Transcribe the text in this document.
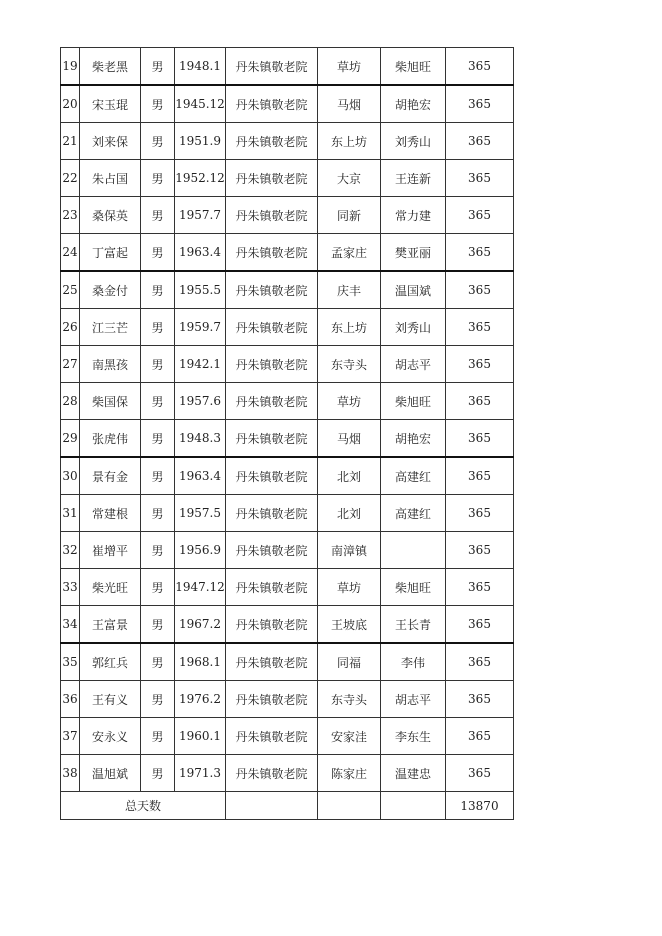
19	柴老黑	男	1948.1	丹朱镇敬老院	草坊	柴旭旺	365
20	宋玉琨	男	1945.12	丹朱镇敬老院	马烟	胡艳宏	365
21	刘来保	男	1951.9	丹朱镇敬老院	东上坊	刘秀山	365
22	朱占国	男	1952.12	丹朱镇敬老院	大京	王连新	365
23	桑保英	男	1957.7	丹朱镇敬老院	同新	常力建	365
24	丁富起	男	1963.4	丹朱镇敬老院	孟家庄	樊亚丽	365
25	桑金付	男	1955.5	丹朱镇敬老院	庆丰	温国斌	365
26	江三芒	男	1959.7	丹朱镇敬老院	东上坊	刘秀山	365
27	南黑孩	男	1942.1	丹朱镇敬老院	东寺头	胡志平	365
28	柴国保	男	1957.6	丹朱镇敬老院	草坊	柴旭旺	365
29	张虎伟	男	1948.3	丹朱镇敬老院	马烟	胡艳宏	365
30	景有金	男	1963.4	丹朱镇敬老院	北刘	高建红	365
31	常建根	男	1957.5	丹朱镇敬老院	北刘	高建红	365
32	崔增平	男	1956.9	丹朱镇敬老院	南漳镇		365
33	柴光旺	男	1947.12	丹朱镇敬老院	草坊	柴旭旺	365
34	王富景	男	1967.2	丹朱镇敬老院	王坡底	王长青	365
35	郭红兵	男	1968.1	丹朱镇敬老院	同福	李伟	365
36	王有义	男	1976.2	丹朱镇敬老院	东寺头	胡志平	365
37	安永义	男	1960.1	丹朱镇敬老院	安家洼	李东生	365
38	温旭斌	男	1971.3	丹朱镇敬老院	陈家庄	温建忠	365
总天数							13870
